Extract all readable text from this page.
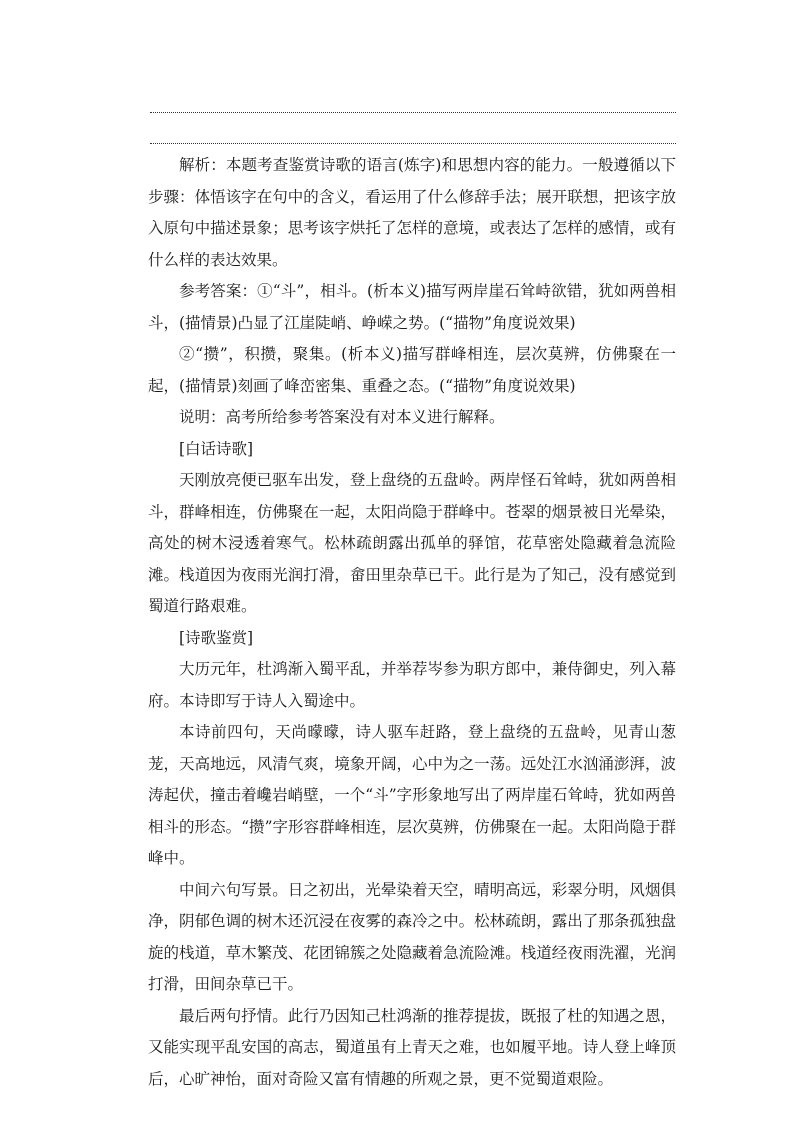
解析：本题考查鉴赏诗歌的语言(炼字)和思想内容的能力。一般遵循以下步骤：体悟该字在句中的含义，看运用了什么修辞手法；展开联想，把该字放入原句中描述景象；思考该字烘托了怎样的意境，或表达了怎样的感情，或有什么样的表达效果。

参考答案：①“斗”，相斗。(析本义)描写两岸崖石耸峙欲错，犹如两兽相斗，(描情景)凸显了江崖陡峭、峥嵘之势。(“描物”角度说效果)

②“攒”，积攒，聚集。(析本义)描写群峰相连，层次莫辨，仿佛聚在一起，(描情景)刻画了峰峦密集、重叠之态。(“描物”角度说效果)

说明：高考所给参考答案没有对本义进行解释。

[白话诗歌]

天刚放亮便已驱车出发，登上盘绕的五盘岭。两岸怪石耸峙，犹如两兽相斗，群峰相连，仿佛聚在一起，太阳尚隐于群峰中。苍翠的烟景被日光晕染，高处的树木浸透着寒气。松林疏朗露出孤单的驿馆，花草密处隐藏着急流险滩。栈道因为夜雨光润打滑，畲田里杂草已干。此行是为了知己，没有感觉到蜀道行路艰难。

[诗歌鉴赏]

大历元年，杜鸿渐入蜀平乱，并举荐岑参为职方郎中，兼侍御史，列入幕府。本诗即写于诗人入蜀途中。

本诗前四句，天尚曚曚，诗人驱车赶路，登上盘绕的五盘岭，见青山葱茏，天高地远，风清气爽，境象开阔，心中为之一荡。远处江水汹涌澎湃，波涛起伏，撞击着巉岩峭壁，一个“斗”字形象地写出了两岸崖石耸峙，犹如两兽相斗的形态。“攒”字形容群峰相连，层次莫辨，仿佛聚在一起。太阳尚隐于群峰中。

中间六句写景。日之初出，光晕染着天空，晴明高远，彩翠分明，风烟俱净，阴郁色调的树木还沉浸在夜雾的森冷之中。松林疏朗，露出了那条孤独盘旋的栈道，草木繁茂、花团锦簇之处隐藏着急流险滩。栈道经夜雨洗濯，光润打滑，田间杂草已干。

最后两句抒情。此行乃因知己杜鸿渐的推荐提拔，既报了杜的知遇之恩，又能实现平乱安国的高志，蜀道虽有上青天之难，也如履平地。诗人登上峰顶后，心旷神怡，面对奇险又富有情趣的所观之景，更不觉蜀道艰险。
